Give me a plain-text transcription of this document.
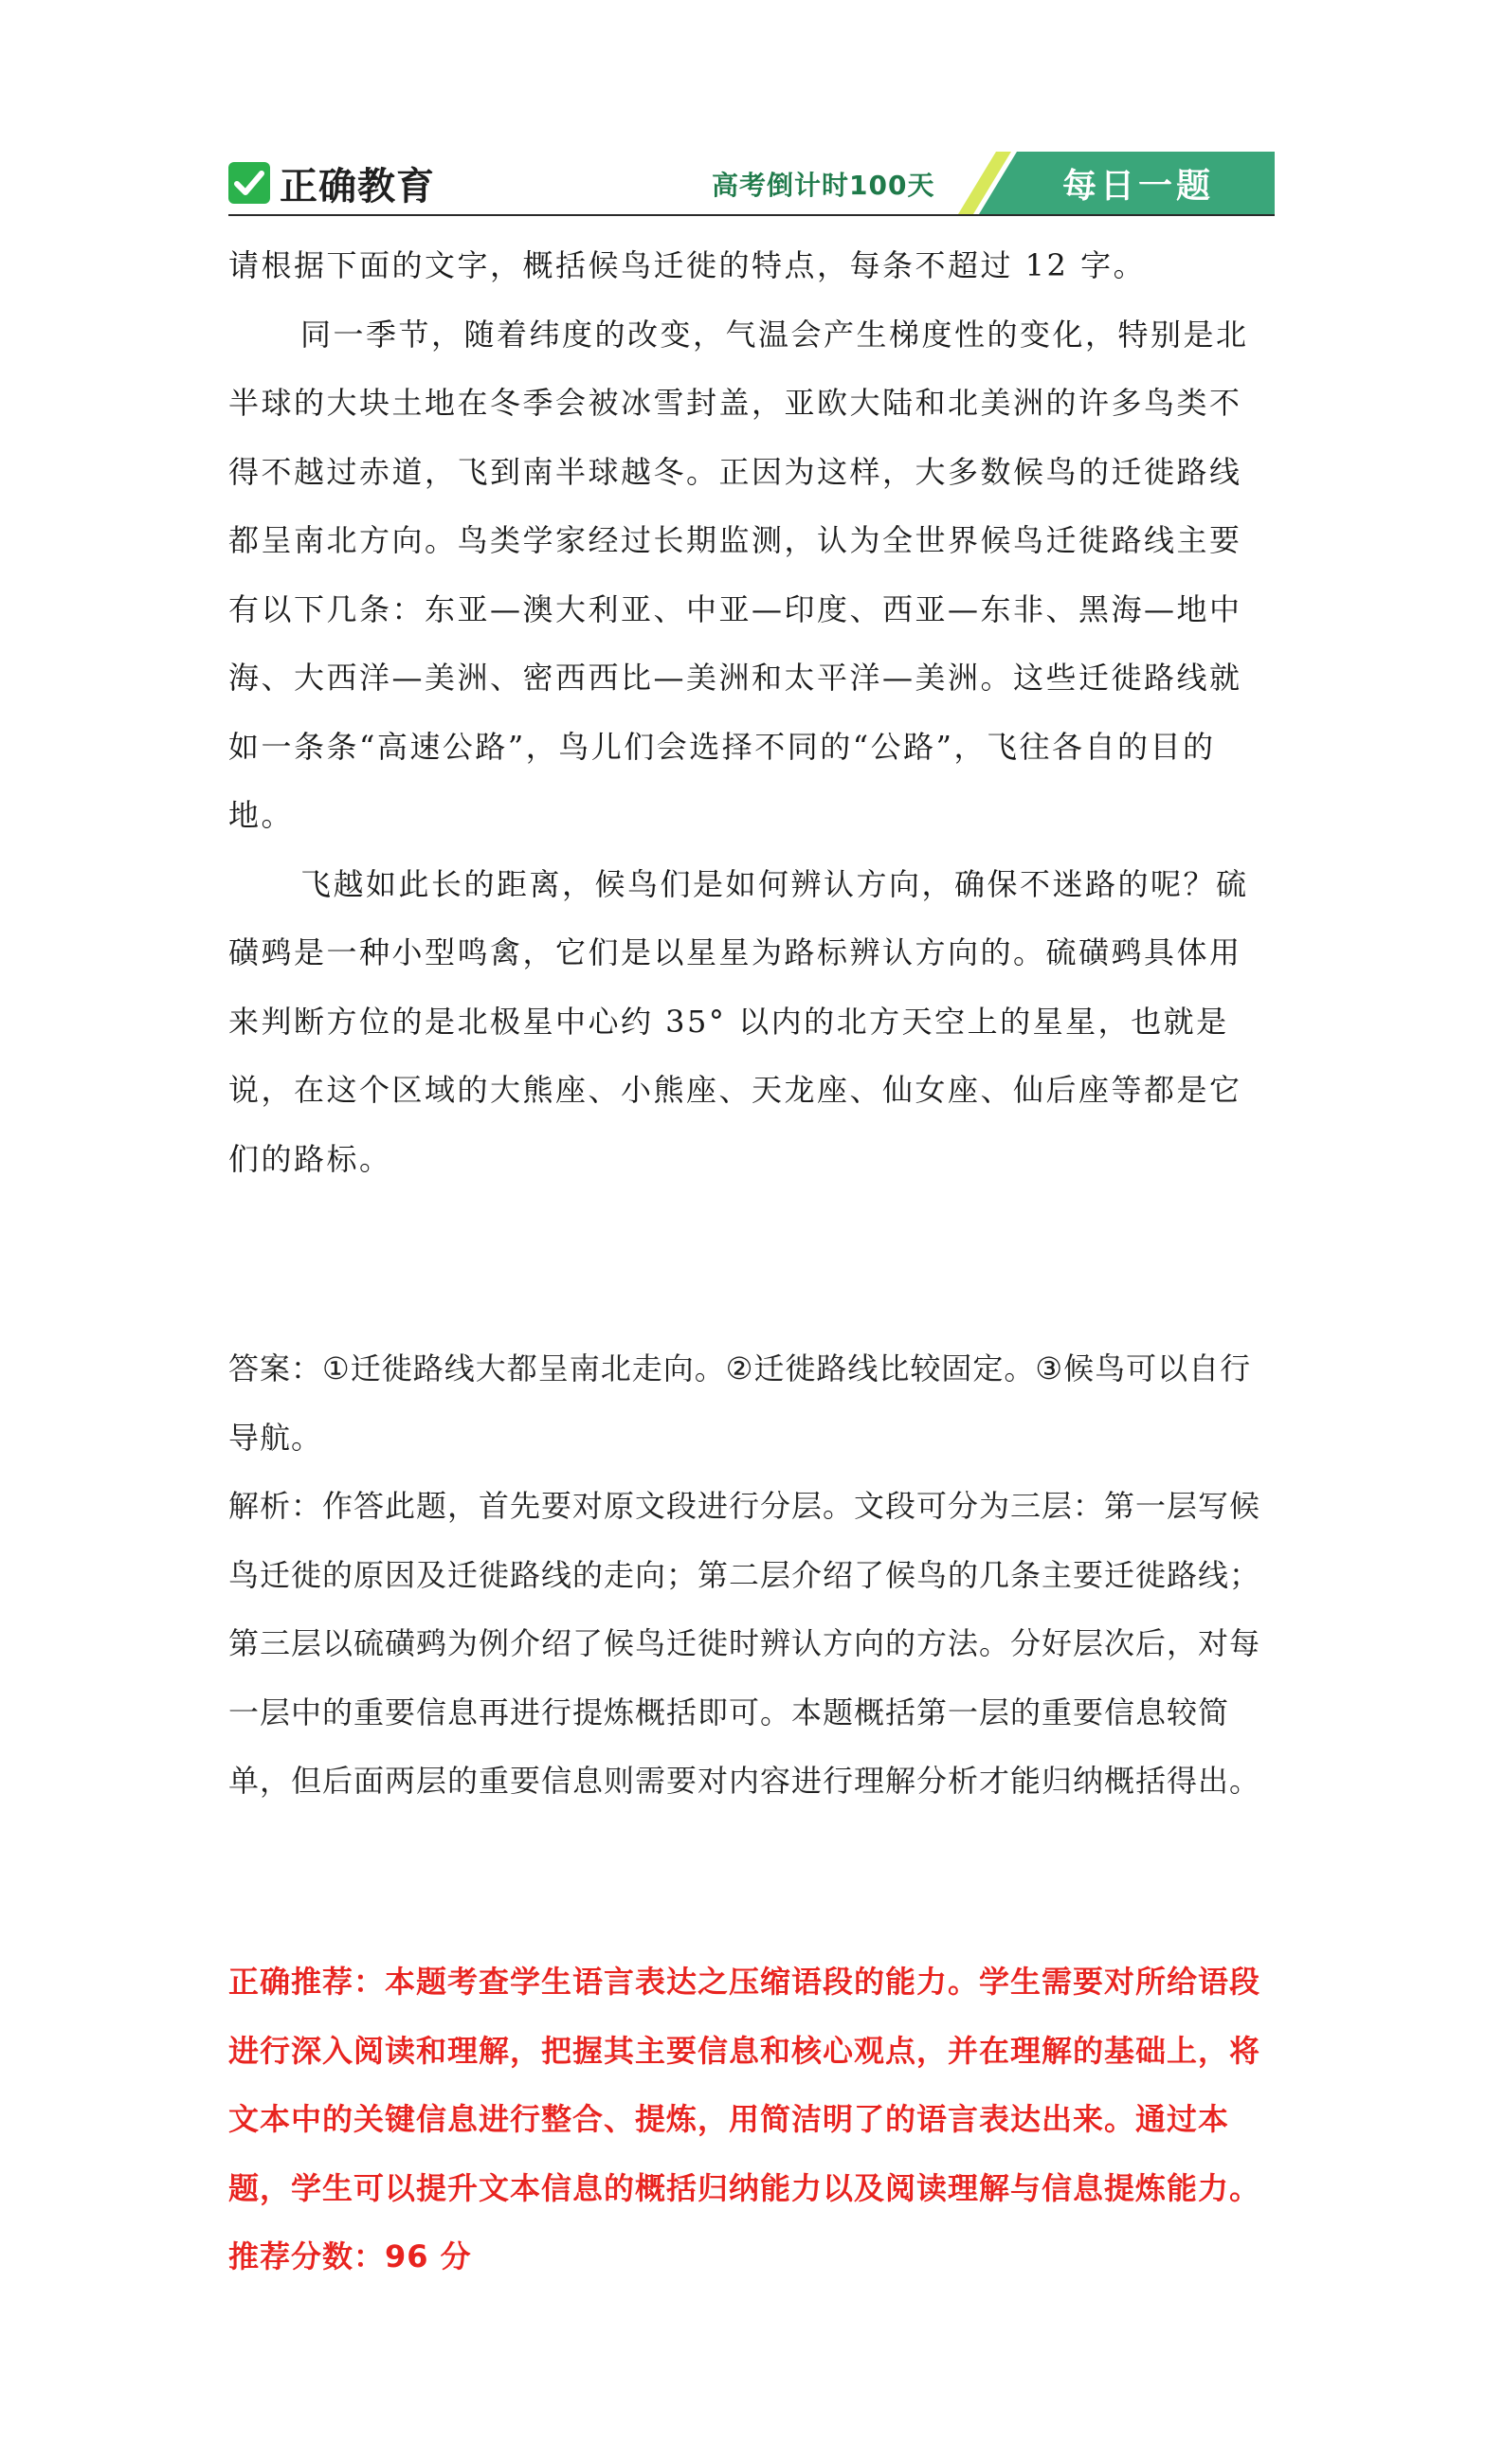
正确教育	高考倒计时100天	每日一题

请根据下面的文字，概括候鸟迁徙的特点，每条不超过 12 字。

同一季节，随着纬度的改变，气温会产生梯度性的变化，特别是北半球的大块土地在冬季会被冰雪封盖，亚欧大陆和北美洲的许多鸟类不得不越过赤道，飞到南半球越冬。正因为这样，大多数候鸟的迁徙路线都呈南北方向。鸟类学家经过长期监测，认为全世界候鸟迁徙路线主要有以下几条：东亚—澳大利亚、中亚—印度、西亚—东非、黑海—地中海、大西洋—美洲、密西西比—美洲和太平洋—美洲。这些迁徙路线就如一条条“高速公路”，鸟儿们会选择不同的“公路”，飞往各自的目的地。

飞越如此长的距离，候鸟们是如何辨认方向，确保不迷路的呢？硫磺鹀是一种小型鸣禽，它们是以星星为路标辨认方向的。硫磺鹀具体用来判断方位的是北极星中心约 35° 以内的北方天空上的星星，也就是说，在这个区域的大熊座、小熊座、天龙座、仙女座、仙后座等都是它们的路标。

答案：①迁徙路线大都呈南北走向。②迁徙路线比较固定。③候鸟可以自行导航。

解析：作答此题，首先要对原文段进行分层。文段可分为三层：第一层写候鸟迁徙的原因及迁徙路线的走向；第二层介绍了候鸟的几条主要迁徙路线；第三层以硫磺鹀为例介绍了候鸟迁徙时辨认方向的方法。分好层次后，对每一层中的重要信息再进行提炼概括即可。本题概括第一层的重要信息较简单，但后面两层的重要信息则需要对内容进行理解分析才能归纳概括得出。

正确推荐：本题考查学生语言表达之压缩语段的能力。学生需要对所给语段进行深入阅读和理解，把握其主要信息和核心观点，并在理解的基础上，将文本中的关键信息进行整合、提炼，用简洁明了的语言表达出来。通过本题，学生可以提升文本信息的概括归纳能力以及阅读理解与信息提炼能力。

推荐分数：96 分
